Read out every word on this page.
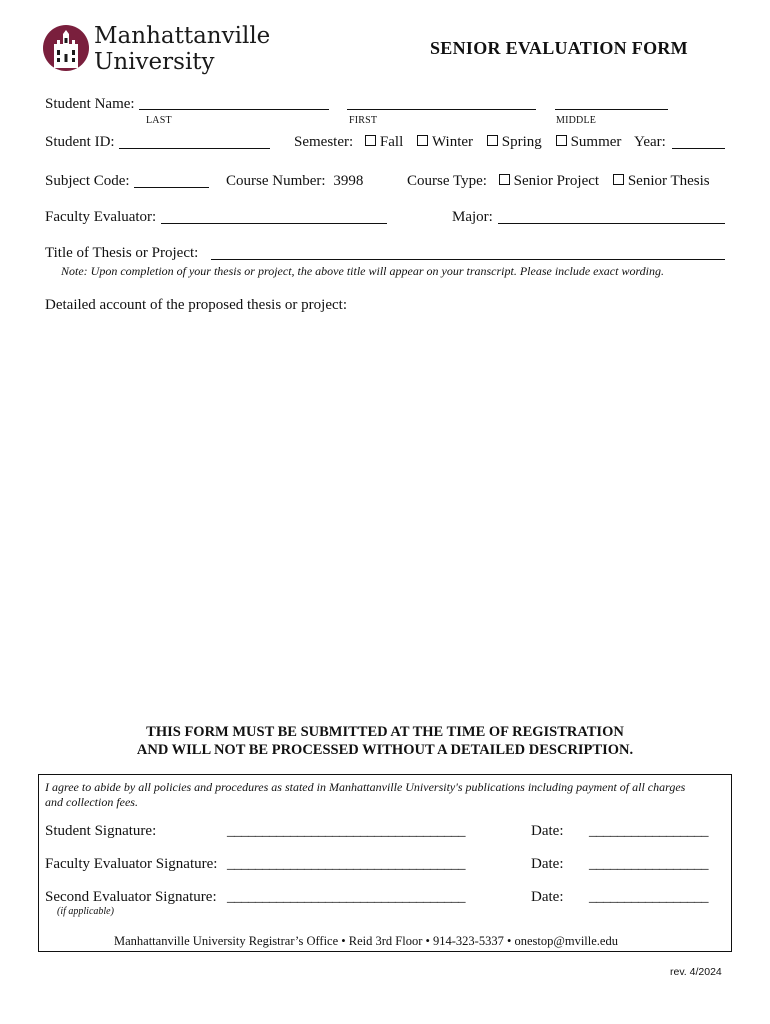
Manhattanville
University
SENIOR EVALUATION FORM
Student Name:
LAST	FIRST	MIDDLE
Student ID:	Semester: Fall Winter Spring Summer Year:
Subject Code:	Course Number: 3998	Course Type: Senior Project Senior Thesis
Faculty Evaluator:	Major:
Title of Thesis or Project:
Note: Upon completion of your thesis or project, the above title will appear on your transcript. Please include exact wording.
Detailed account of the proposed thesis or project:
THIS FORM MUST BE SUBMITTED AT THE TIME OF REGISTRATION
AND WILL NOT BE PROCESSED WITHOUT A DETAILED DESCRIPTION.
I agree to abide by all policies and procedures as stated in Manhattanville University's publications including payment of all charges and collection fees.
Student Signature:	__________________________________	Date: _________________
Faculty Evaluator Signature: __________________________________	Date: _________________
Second Evaluator Signature: __________________________________	Date: _________________
(if applicable)
Manhattanville University Registrar’s Office • Reid 3rd Floor • 914-323-5337 • onestop@mville.edu
rev. 4/2024
